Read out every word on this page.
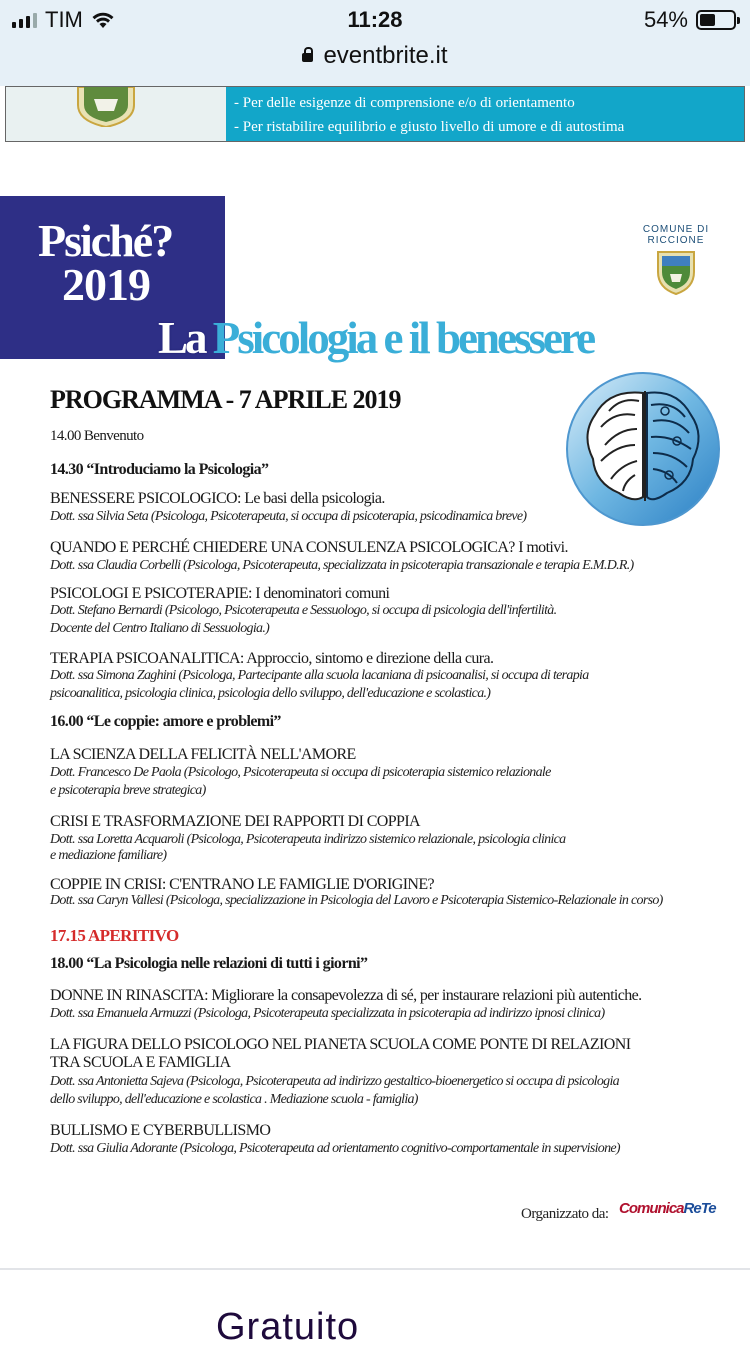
TIM	11:28	54%
eventbrite.it
- Per delle esigenze di comprensione e/o di orientamento
- Per ristabilire equilibrio e giusto livello di umore e di autostima
Psiché?
2019
La Psicologia e il benessere
COMUNE DI
RICCIONE
PROGRAMMA - 7 APRILE 2019
14.00 Benvenuto
14.30 “Introduciamo la Psicologia”
BENESSERE PSICOLOGICO: Le basi della psicologia.
Dott. ssa Silvia Seta (Psicologa, Psicoterapeuta, si occupa di psicoterapia, psicodinamica breve)
QUANDO E PERCHÉ CHIEDERE UNA CONSULENZA PSICOLOGICA? I motivi.
Dott. ssa Claudia Corbelli (Psicologa, Psicoterapeuta, specializzata in psicoterapia transazionale e terapia E.M.D.R.)
PSICOLOGI E PSICOTERAPIE: I denominatori comuni
Dott. Stefano Bernardi (Psicologo, Psicoterapeuta e Sessuologo, si occupa di psicologia dell'infertilità.
Docente del Centro Italiano di Sessuologia.)
TERAPIA PSICOANALITICA: Approccio, sintomo e direzione della cura.
Dott. ssa Simona Zaghini (Psicologa, Partecipante alla scuola lacaniana di psicoanalisi, si occupa di terapia
psicoanalitica, psicologia clinica, psicologia dello sviluppo, dell'educazione e scolastica.)
16.00 “Le coppie: amore e problemi”
LA SCIENZA DELLA FELICITÀ NELL'AMORE
Dott. Francesco De Paola (Psicologo, Psicoterapeuta si occupa di psicoterapia sistemico relazionale
e psicoterapia breve strategica)
CRISI E TRASFORMAZIONE DEI RAPPORTI DI COPPIA
Dott. ssa Loretta Acquaroli (Psicologa, Psicoterapeuta indirizzo sistemico relazionale, psicologia clinica
e mediazione familiare)
COPPIE IN CRISI: C'ENTRANO LE FAMIGLIE D'ORIGINE?
Dott. ssa Caryn Vallesi (Psicologa, specializzazione in Psicologia del Lavoro e Psicoterapia Sistemico-Relazionale in corso)
17.15 APERITIVO
18.00 “La Psicologia nelle relazioni di tutti i giorni”
DONNE IN RINASCITA: Migliorare la consapevolezza di sé, per instaurare relazioni più autentiche.
Dott. ssa Emanuela Armuzzi (Psicologa, Psicoterapeuta specializzata in psicoterapia ad indirizzo ipnosi clinica)
LA FIGURA DELLO PSICOLOGO NEL PIANETA SCUOLA COME PONTE DI RELAZIONI
TRA SCUOLA E FAMIGLIA
Dott. ssa Antonietta Sajeva (Psicologa, Psicoterapeuta ad indirizzo gestaltico-bioenergetico si occupa di psicologia
dello sviluppo, dell'educazione e scolastica . Mediazione scuola - famiglia)
BULLISMO E CYBERBULLISMO
Dott. ssa Giulia Adorante (Psicologa, Psicoterapeuta ad orientamento cognitivo-comportamentale in supervisione)
Organizzato da: ComunicaReTe
Gratuito
